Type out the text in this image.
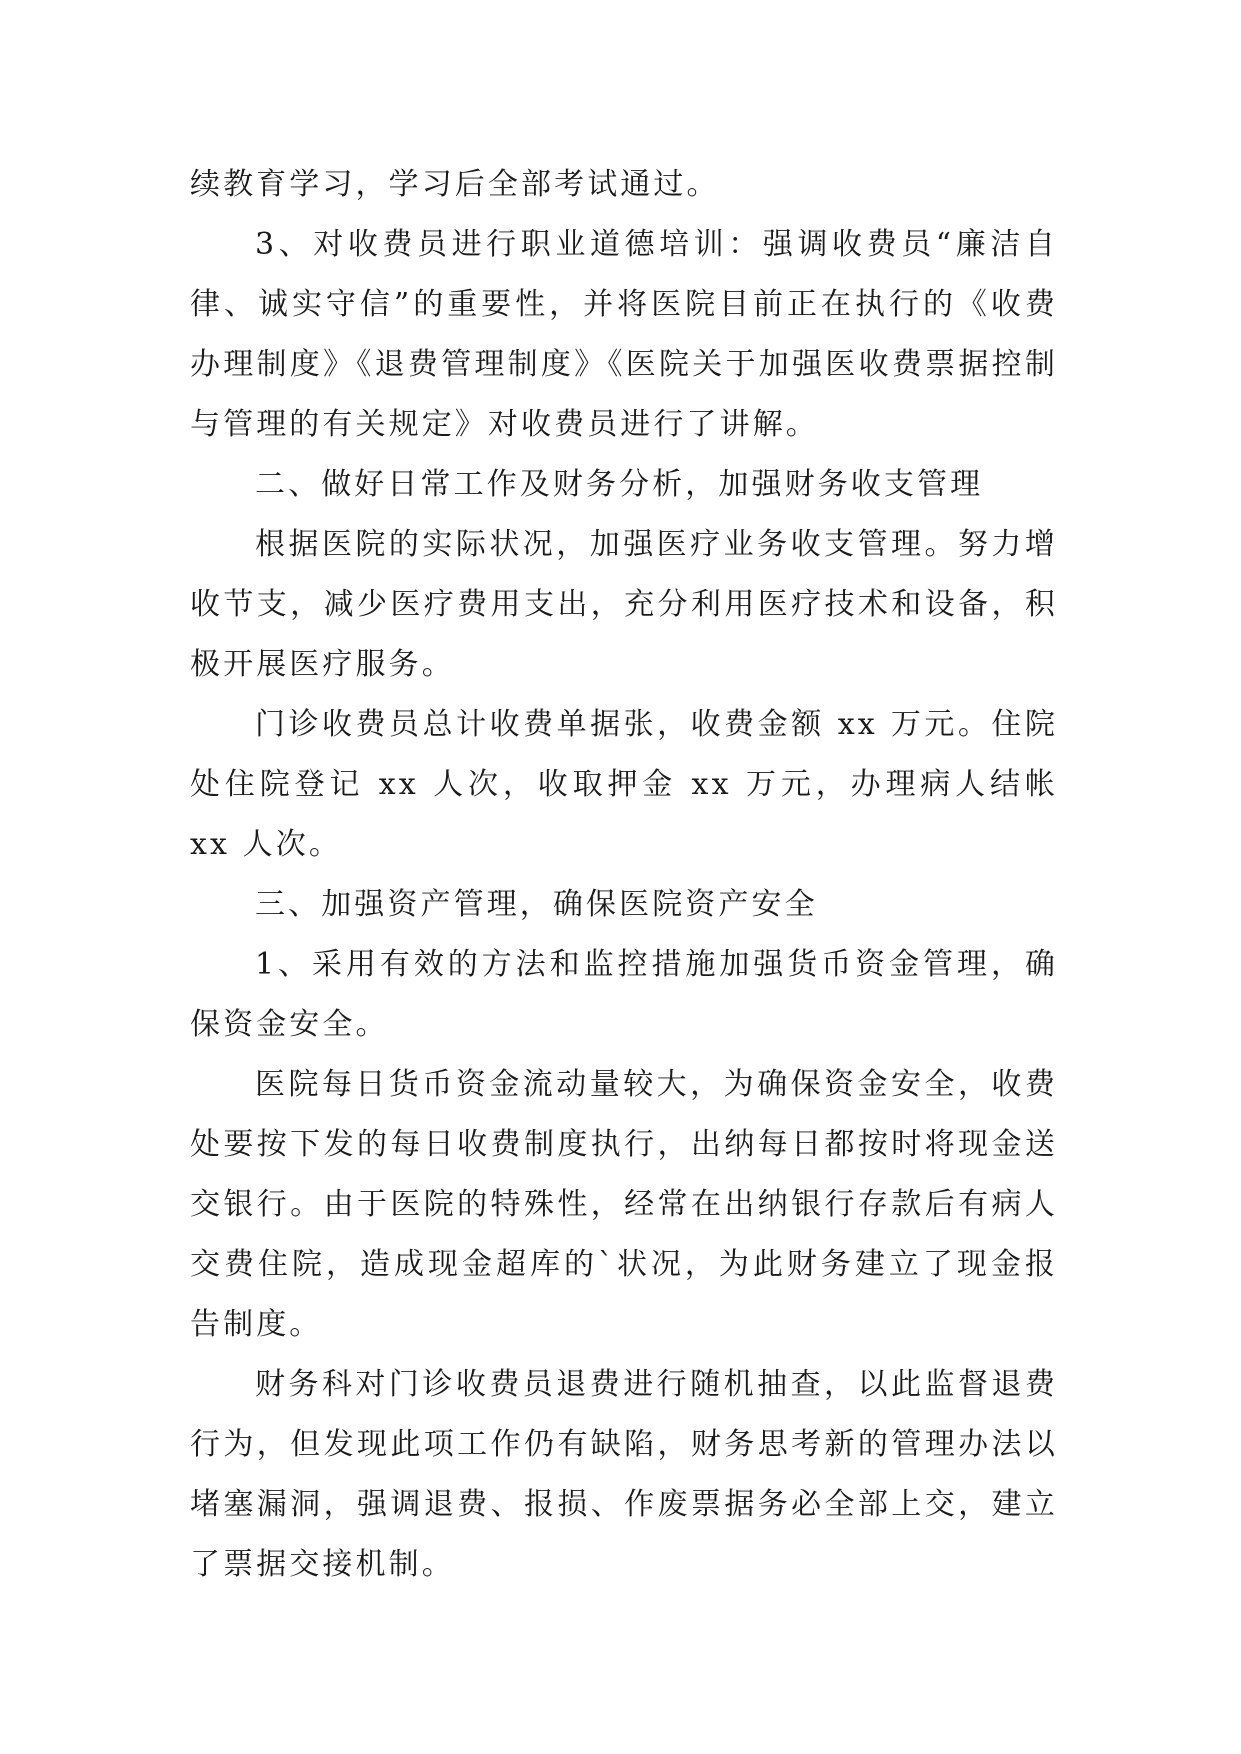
续教育学习，学习后全部考试通过。

3、对收费员进行职业道德培训：强调收费员“廉洁自律、诚实守信”的重要性，并将医院目前正在执行的《收费办理制度》《退费管理制度》《医院关于加强医收费票据控制与管理的有关规定》对收费员进行了讲解。

二、做好日常工作及财务分析，加强财务收支管理

根据医院的实际状况，加强医疗业务收支管理。努力增收节支，减少医疗费用支出，充分利用医疗技术和设备，积极开展医疗服务。

门诊收费员总计收费单据张，收费金额 xx 万元。住院处住院登记 xx 人次，收取押金 xx 万元，办理病人结帐 xx 人次。

三、加强资产管理，确保医院资产安全

1、采用有效的方法和监控措施加强货币资金管理，确保资金安全。

医院每日货币资金流动量较大，为确保资金安全，收费处要按下发的每日收费制度执行，出纳每日都按时将现金送交银行。由于医院的特殊性，经常在出纳银行存款后有病人交费住院，造成现金超库的`状况，为此财务建立了现金报告制度。

财务科对门诊收费员退费进行随机抽查，以此监督退费行为，但发现此项工作仍有缺陷，财务思考新的管理办法以堵塞漏洞，强调退费、报损、作废票据务必全部上交，建立了票据交接机制。
